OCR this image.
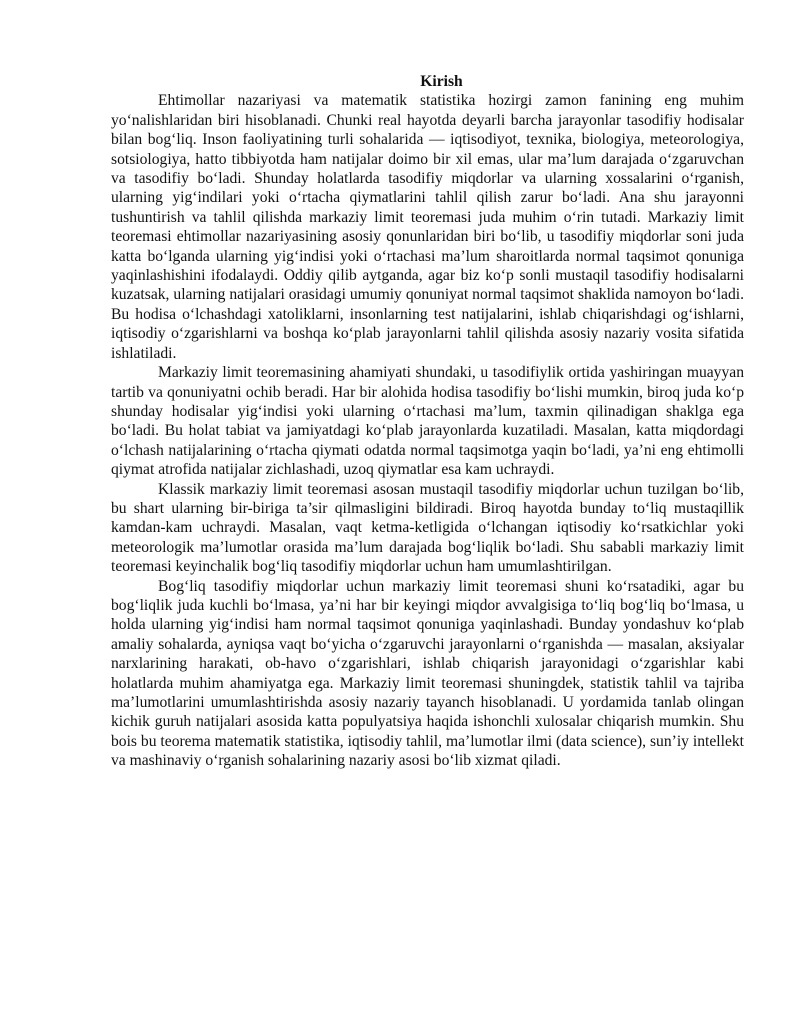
Kirish

Ehtimollar nazariyasi va matematik statistika hozirgi zamon fanining eng muhim yo‘nalishlaridan biri hisoblanadi. Chunki real hayotda deyarli barcha jarayonlar tasodifiy hodisalar bilan bog‘liq. Inson faoliyatining turli sohalarida — iqtisodiyot, texnika, biologiya, meteorologiya, sotsiologiya, hatto tibbiyotda ham natijalar doimo bir xil emas, ular ma’lum darajada o‘zgaruvchan va tasodifiy bo‘ladi. Shunday holatlarda tasodifiy miqdorlar va ularning xossalarini o‘rganish, ularning yig‘indilari yoki o‘rtacha qiymatlarini tahlil qilish zarur bo‘ladi. Ana shu jarayonni tushuntirish va tahlil qilishda markaziy limit teoremasi juda muhim o‘rin tutadi. Markaziy limit teoremasi ehtimollar nazariyasining asosiy qonunlaridan biri bo‘lib, u tasodifiy miqdorlar soni juda katta bo‘lganda ularning yig‘indisi yoki o‘rtachasi ma’lum sharoitlarda normal taqsimot qonuniga yaqinlashishini ifodalaydi. Oddiy qilib aytganda, agar biz ko‘p sonli mustaqil tasodifiy hodisalarni kuzatsak, ularning natijalari orasidagi umumiy qonuniyat normal taqsimot shaklida namoyon bo‘ladi. Bu hodisa o‘lchashdagi xatoliklarni, insonlarning test natijalarini, ishlab chiqarishdagi og‘ishlarni, iqtisodiy o‘zgarishlarni va boshqa ko‘plab jarayonlarni tahlil qilishda asosiy nazariy vosita sifatida ishlatiladi.

Markaziy limit teoremasining ahamiyati shundaki, u tasodifiylik ortida yashiringan muayyan tartib va qonuniyatni ochib beradi. Har bir alohida hodisa tasodifiy bo‘lishi mumkin, biroq juda ko‘p shunday hodisalar yig‘indisi yoki ularning o‘rtachasi ma’lum, taxmin qilinadigan shaklga ega bo‘ladi. Bu holat tabiat va jamiyatdagi ko‘plab jarayonlarda kuzatiladi. Masalan, katta miqdordagi o‘lchash natijalarining o‘rtacha qiymati odatda normal taqsimotga yaqin bo‘ladi, ya’ni eng ehtimolli qiymat atrofida natijalar zichlashadi, uzoq qiymatlar esa kam uchraydi.

Klassik markaziy limit teoremasi asosan mustaqil tasodifiy miqdorlar uchun tuzilgan bo‘lib, bu shart ularning bir-biriga ta’sir qilmasligini bildiradi. Biroq hayotda bunday to‘liq mustaqillik kamdan-kam uchraydi. Masalan, vaqt ketma-ketligida o‘lchangan iqtisodiy ko‘rsatkichlar yoki meteorologik ma’lumotlar orasida ma’lum darajada bog‘liqlik bo‘ladi. Shu sababli markaziy limit teoremasi keyinchalik bog‘liq tasodifiy miqdorlar uchun ham umumlashtirilgan.

Bog‘liq tasodifiy miqdorlar uchun markaziy limit teoremasi shuni ko‘rsatadiki, agar bu bog‘liqlik juda kuchli bo‘lmasa, ya’ni har bir keyingi miqdor avvalgisiga to‘liq bog‘liq bo‘lmasa, u holda ularning yig‘indisi ham normal taqsimot qonuniga yaqinlashadi. Bunday yondashuv ko‘plab amaliy sohalarda, ayniqsa vaqt bo‘yicha o‘zgaruvchi jarayonlarni o‘rganishda — masalan, aksiyalar narxlarining harakati, ob-havo o‘zgarishlari, ishlab chiqarish jarayonidagi o‘zgarishlar kabi holatlarda muhim ahamiyatga ega. Markaziy limit teoremasi shuningdek, statistik tahlil va tajriba ma’lumotlarini umumlashtirishda asosiy nazariy tayanch hisoblanadi. U yordamida tanlab olingan kichik guruh natijalari asosida katta populyatsiya haqida ishonchli xulosalar chiqarish mumkin. Shu bois bu teorema matematik statistika, iqtisodiy tahlil, ma’lumotlar ilmi (data science), sun’iy intellekt va mashinaviy o‘rganish sohalarining nazariy asosi bo‘lib xizmat qiladi.
